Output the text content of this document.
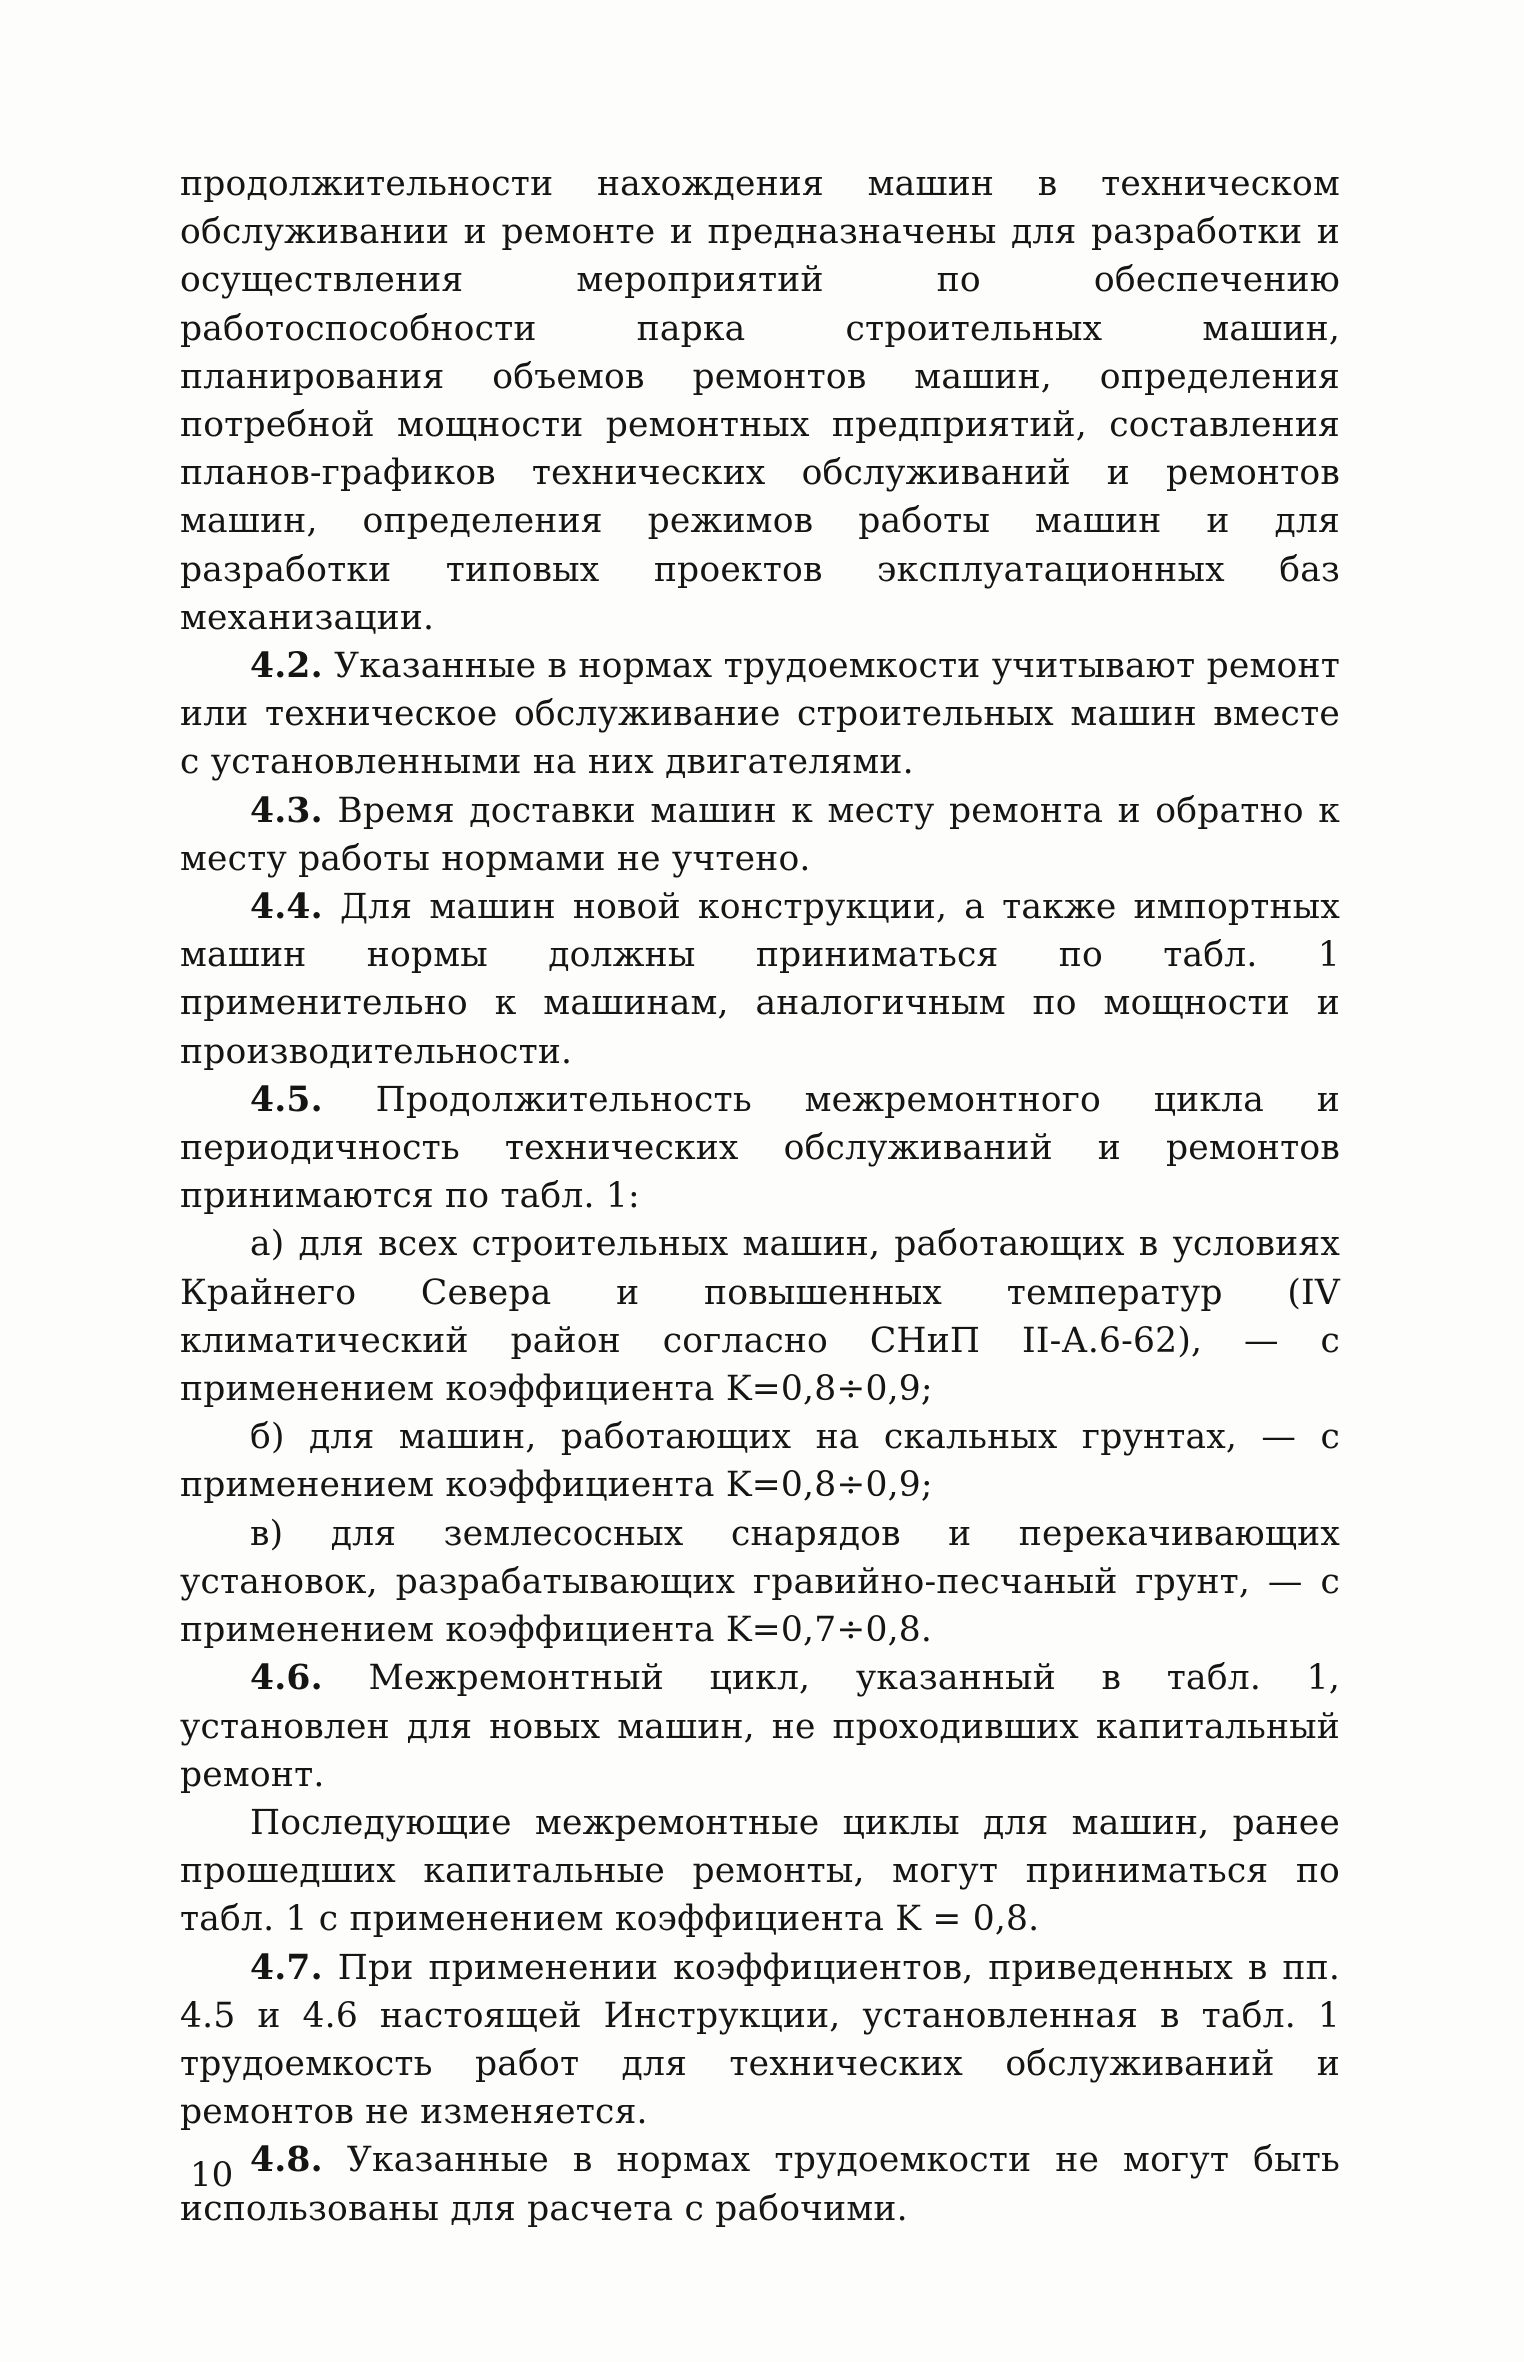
продолжительности нахождения машин в техническом обслуживании и ремонте и предназначены для разработки и осуществления мероприятий по обеспечению работоспособности парка строительных машин, планирования объемов ремонтов машин, определения потребной мощности ремонтных предприятий, составления планов-графиков технических обслуживаний и ремонтов машин, определения режимов работы машин и для разработки типовых проектов эксплуатационных баз механизации.

4.2. Указанные в нормах трудоемкости учитывают ремонт или техническое обслуживание строительных машин вместе с установленными на них двигателями.

4.3. Время доставки машин к месту ремонта и обратно к месту работы нормами не учтено.

4.4. Для машин новой конструкции, а также импортных машин нормы должны приниматься по табл. 1 применительно к машинам, аналогичным по мощности и производительности.

4.5. Продолжительность межремонтного цикла и периодичность технических обслуживаний и ремонтов принимаются по табл. 1:

а) для всех строительных машин, работающих в условиях Крайнего Севера и повышенных температур (IV климатический район согласно СНиП II-А.6-62), — с применением коэффициента K=0,8÷0,9;

б) для машин, работающих на скальных грунтах, — с применением коэффициента K=0,8÷0,9;

в) для землесосных снарядов и перекачивающих установок, разрабатывающих гравийно-песчаный грунт, — с применением коэффициента K=0,7÷0,8.

4.6. Межремонтный цикл, указанный в табл. 1, установлен для новых машин, не проходивших капитальный ремонт.

Последующие межремонтные циклы для машин, ранее прошедших капитальные ремонты, могут приниматься по табл. 1 с применением коэффициента K = 0,8.

4.7. При применении коэффициентов, приведенных в пп. 4.5 и 4.6 настоящей Инструкции, установленная в табл. 1 трудоемкость работ для технических обслуживаний и ремонтов не изменяется.

4.8. Указанные в нормах трудоемкости не могут быть использованы для расчета с рабочими.

10
